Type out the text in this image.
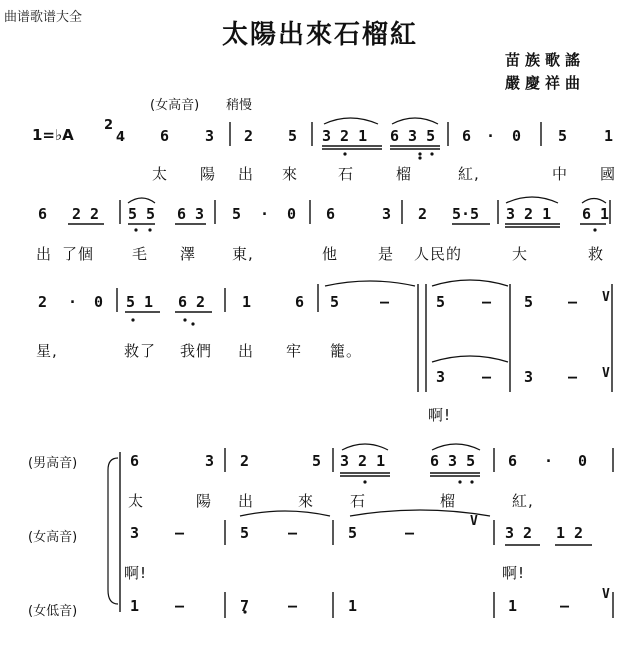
曲谱歌谱大全
太陽出來石榴紅
苗族歌謠
嚴慶祥曲
(女高音) 稍慢
1=♭A
2
4 6 3 2 5 3 2 1 6 3 5 6 · 0 5 1
太 陽 出 來	石	榴	紅,	中 國
6 2 2 5 5 6 3 5 · 0 6	3 2 5·5 3 2 1 6 1
出 了個	毛 澤 東,	他	是 人民的	大	救
2 · 0 5 1 6 2 1	6 5	—	5 — 5 —
3 — 3 —
V
V
星,	救了 我們 出 牢 籠。
啊!
(男高音)	6	3 2	5 3 2 1	6 3 5 6 · 0
太	陽 出	來 石	榴	紅,
(女高音)	3 —	5	—	5	—	3 2 1 2
V
啊!	啊!
(女低音)	1 —	7	—	1	1	—
V
